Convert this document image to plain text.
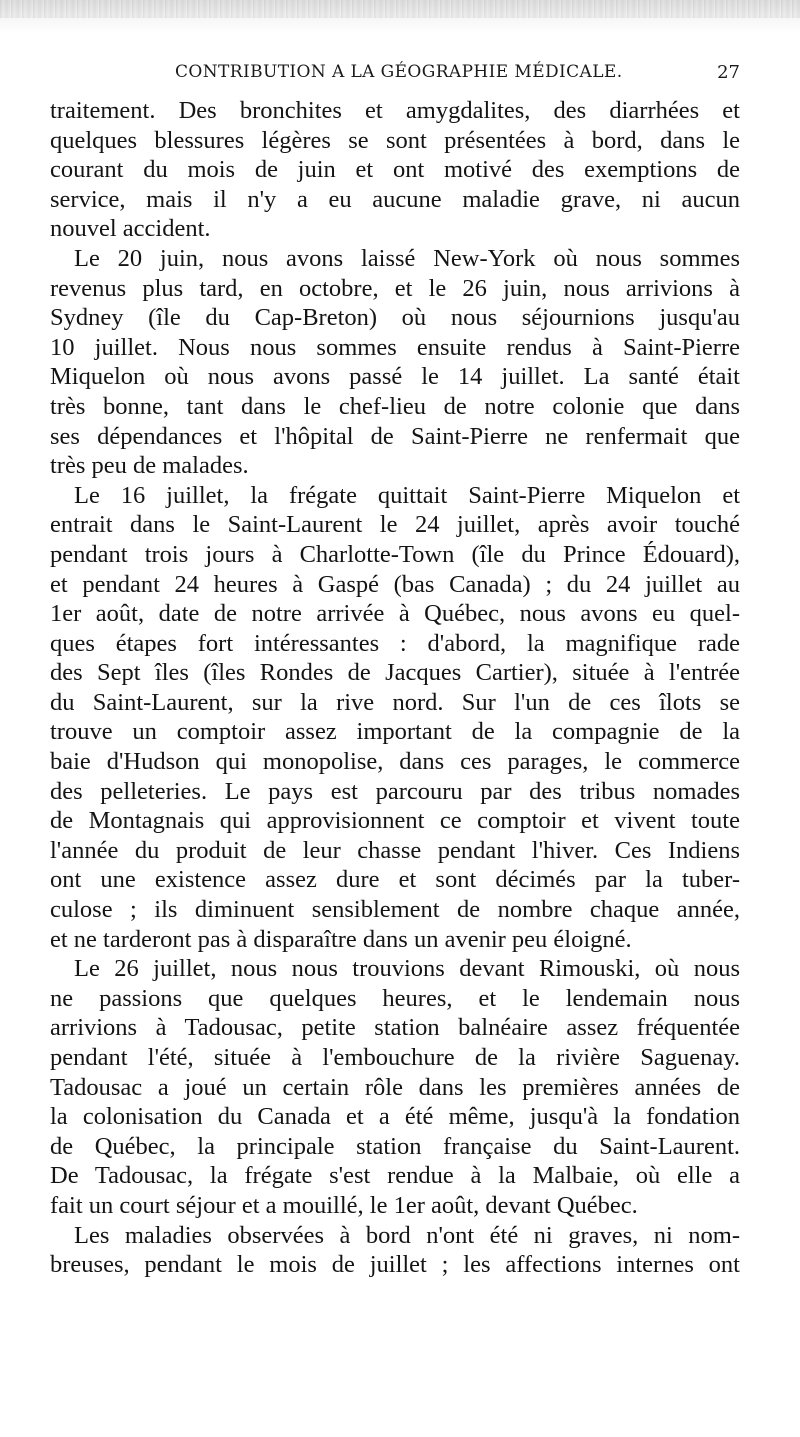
CONTRIBUTION A LA GÉOGRAPHIE MÉDICALE.	27
traitement. Des bronchites et amygdalites, des diarrhées et
quelques blessures légères se sont présentées à bord, dans le
courant du mois de juin et ont motivé des exemptions de
service, mais il n'y a eu aucune maladie grave, ni aucun
nouvel accident.
Le 20 juin, nous avons laissé New-York où nous sommes
revenus plus tard, en octobre, et le 26 juin, nous arrivions à
Sydney (île du Cap-Breton) où nous séjournions jusqu'au
10 juillet. Nous nous sommes ensuite rendus à Saint-Pierre
Miquelon où nous avons passé le 14 juillet. La santé était
très bonne, tant dans le chef-lieu de notre colonie que dans
ses dépendances et l'hôpital de Saint-Pierre ne renfermait que
très peu de malades.
Le 16 juillet, la frégate quittait Saint-Pierre Miquelon et
entrait dans le Saint-Laurent le 24 juillet, après avoir touché
pendant trois jours à Charlotte-Town (île du Prince Édouard),
et pendant 24 heures à Gaspé (bas Canada) ; du 24 juillet au
1er août, date de notre arrivée à Québec, nous avons eu quel-
ques étapes fort intéressantes : d'abord, la magnifique rade
des Sept îles (îles Rondes de Jacques Cartier), située à l'entrée
du Saint-Laurent, sur la rive nord. Sur l'un de ces îlots se
trouve un comptoir assez important de la compagnie de la
baie d'Hudson qui monopolise, dans ces parages, le commerce
des pelleteries. Le pays est parcouru par des tribus nomades
de Montagnais qui approvisionnent ce comptoir et vivent toute
l'année du produit de leur chasse pendant l'hiver. Ces Indiens
ont une existence assez dure et sont décimés par la tuber-
culose ; ils diminuent sensiblement de nombre chaque année,
et ne tarderont pas à disparaître dans un avenir peu éloigné.
Le 26 juillet, nous nous trouvions devant Rimouski, où nous
ne passions que quelques heures, et le lendemain nous
arrivions à Tadousac, petite station balnéaire assez fréquentée
pendant l'été, située à l'embouchure de la rivière Saguenay.
Tadousac a joué un certain rôle dans les premières années de
la colonisation du Canada et a été même, jusqu'à la fondation
de Québec, la principale station française du Saint-Laurent.
De Tadousac, la frégate s'est rendue à la Malbaie, où elle a
fait un court séjour et a mouillé, le 1er août, devant Québec.
Les maladies observées à bord n'ont été ni graves, ni nom-
breuses, pendant le mois de juillet ; les affections internes ont
